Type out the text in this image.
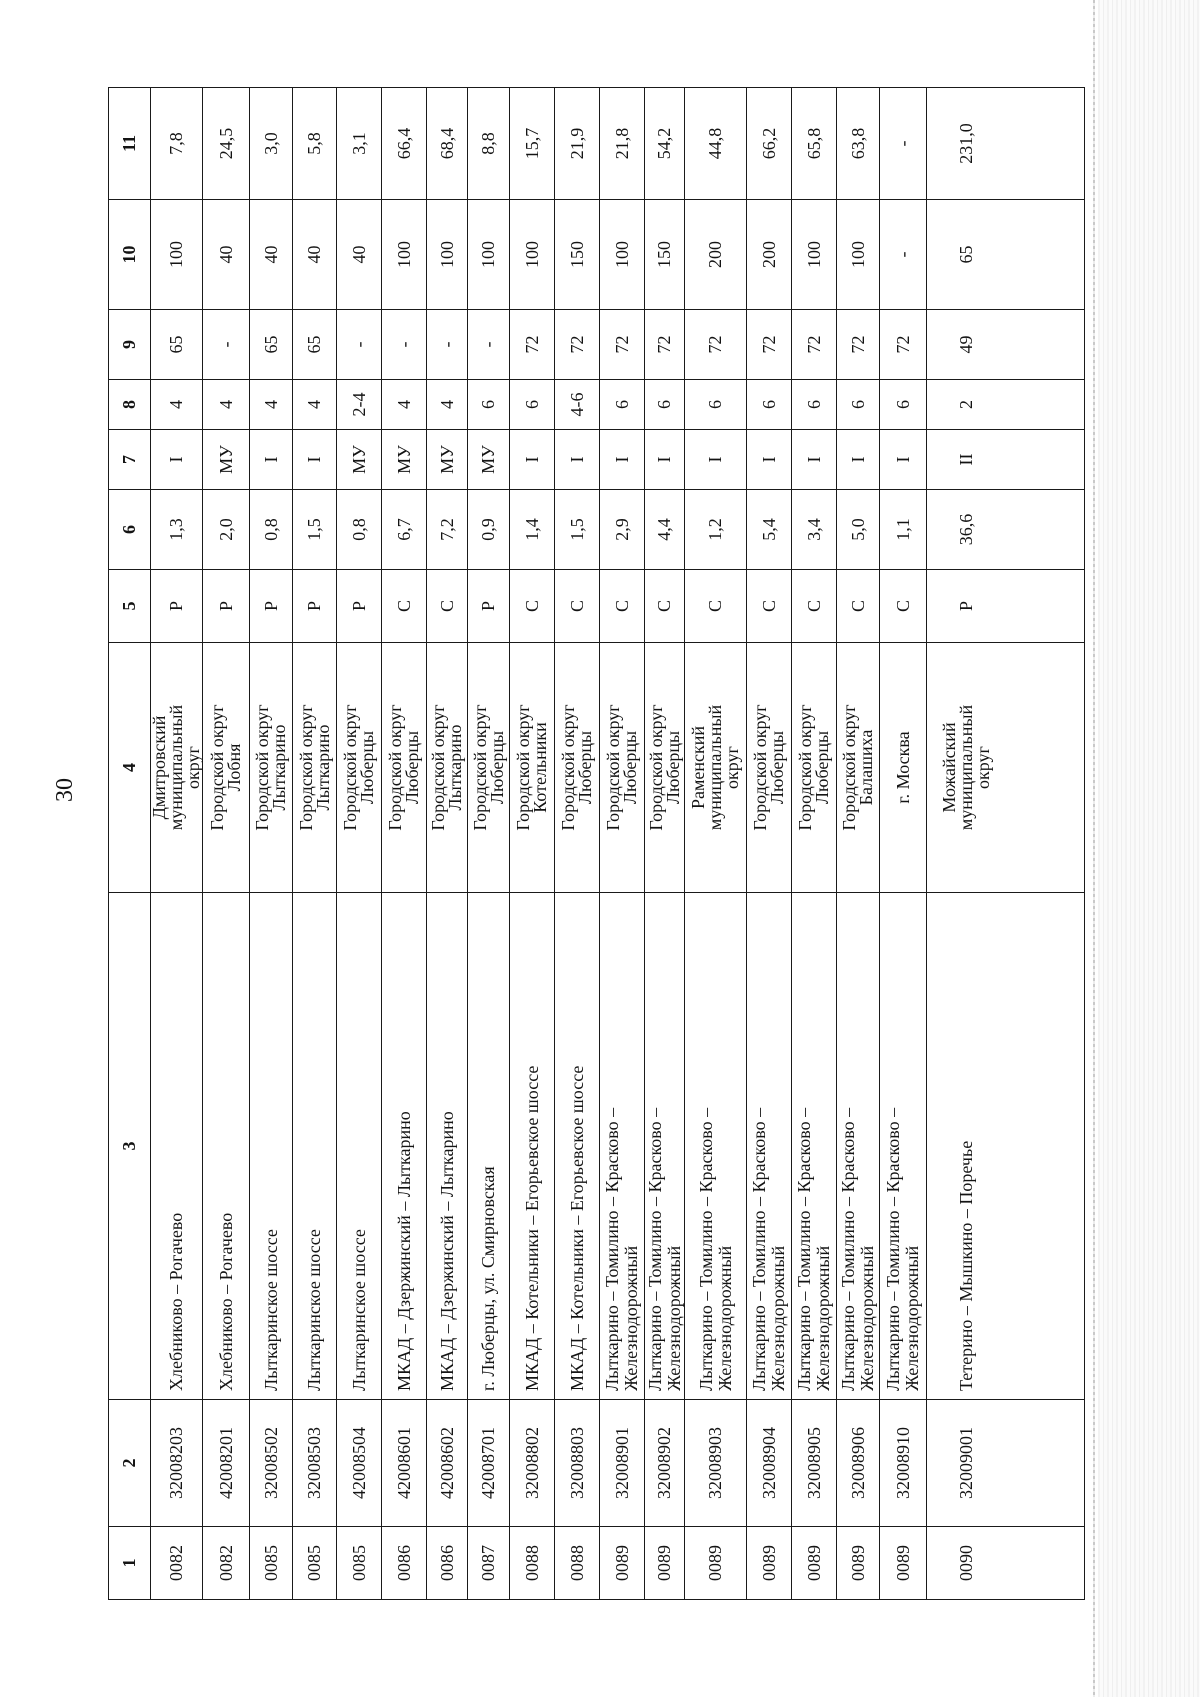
30
1	2	3	4	5	6	7	8	9	10	11

0082	32008203	Хлебниково – Рогачево	Дмитровский
муниципальный
округ	Р	1,3	I	4	65	100	7,8

0082	42008201	Хлебниково – Рогачево	Городской округ
Лобня	Р	2,0	МУ	4	-	40	24,5

0085	32008502	Лыткаринское шоссе	Городской округ
Лыткарино	Р	0,8	I	4	65	40	3,0

0085	32008503	Лыткаринское шоссе	Городской округ
Лыткарино	Р	1,5	I	4	65	40	5,8

0085	42008504	Лыткаринское шоссе	Городской округ
Люберцы	Р	0,8	МУ	2-4	-	40	3,1

0086	42008601	МКАД – Дзержинский – Лыткарино	Городской округ
Люберцы	С	6,7	МУ	4	-	100	66,4

0086	42008602	МКАД – Дзержинский – Лыткарино	Городской округ
Лыткарино	С	7,2	МУ	4	-	100	68,4

0087	42008701	г. Люберцы, ул. Смирновская	Городской округ
Люберцы	Р	0,9	МУ	6	-	100	8,8

0088	32008802	МКАД – Котельники – Егорьевское шоссе	Городской округ
Котельники	С	1,4	I	6	72	100	15,7

0088	32008803	МКАД – Котельники – Егорьевское шоссе	Городской округ
Люберцы	С	1,5	I	4-6	72	150	21,9

0089	32008901	Лыткарино – Томилино – Красково –
Железнодорожный	Городской округ
Люберцы	С	2,9	I	6	72	100	21,8

0089	32008902	Лыткарино – Томилино – Красково –
Железнодорожный	Городской округ
Люберцы	С	4,4	I	6	72	150	54,2

0089	32008903	Лыткарино – Томилино – Красково –
Железнодорожный	Раменский
муниципальный
округ	С	1,2	I	6	72	200	44,8

0089	32008904	Лыткарино – Томилино – Красково –
Железнодорожный	Городской округ
Люберцы	С	5,4	I	6	72	200	66,2

0089	32008905	Лыткарино – Томилино – Красково –
Железнодорожный	Городской округ
Люберцы	С	3,4	I	6	72	100	65,8

0089	32008906	Лыткарино – Томилино – Красково –
Железнодорожный	Городской округ
Балашиха	С	5,0	I	6	72	100	63,8

0089	32008910	Лыткарино – Томилино – Красково –
Железнодорожный	г. Москва	С	1,1	I	6	72	-	-

0090	32009001	Тетерино – Мышкино – Поречье	Можайский
муниципальный
округ	Р	36,6	II	2	49	65	231,0
